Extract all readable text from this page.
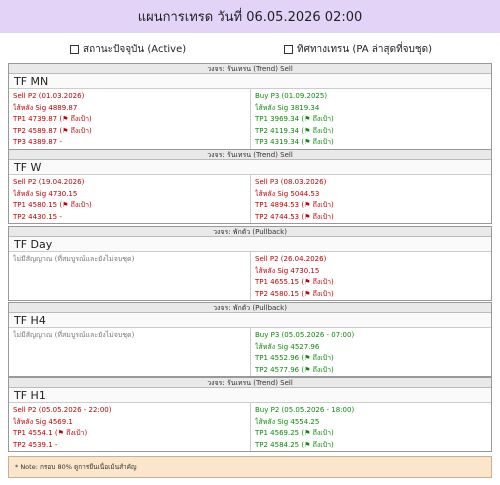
แผนการเทรด วันที่ 06.05.2026 02:00
สถานะปัจจุบัน (Active)	ทิศทางเทรน (PA ล่าสุดที่จบชุด)
วงจร: รันเทรน (Trend) Sell
TF MN
Sell P2 (01.03.2026)
ไส้หลัง Sig 4889.87
TP1 4739.87 (⚑ ถึงเป้า)
TP2 4589.87 (⚑ ถึงเป้า)
TP3 4389.87 -
Buy P3 (01.09.2025)
ไส้หลัง Sig 3819.34
TP1 3969.34 (⚑ ถึงเป้า)
TP2 4119.34 (⚑ ถึงเป้า)
TP3 4319.34 (⚑ ถึงเป้า)
วงจร: รันเทรน (Trend) Sell
TF W
Sell P2 (19.04.2026)
ไส้หลัง Sig 4730.15
TP1 4580.15 (⚑ ถึงเป้า)
TP2 4430.15 -
Sell P3 (08.03.2026)
ไส้หลัง Sig 5044.53
TP1 4894.53 (⚑ ถึงเป้า)
TP2 4744.53 (⚑ ถึงเป้า)
วงจร: พักตัว (Pullback)
TF Day
ไม่มีสัญญาณ (ที่สมบูรณ์และยังไม่จบชุด)	Sell P2 (26.04.2026)
ไส้หลัง Sig 4730.15
TP1 4655.15 (⚑ ถึงเป้า)
TP2 4580.15 (⚑ ถึงเป้า)
วงจร: พักตัว (Pullback)
TF H4
ไม่มีสัญญาณ (ที่สมบูรณ์และยังไม่จบชุด)	Buy P3 (05.05.2026 - 07:00)
ไส้หลัง Sig 4527.96
TP1 4552.96 (⚑ ถึงเป้า)
TP2 4577.96 (⚑ ถึงเป้า)
วงจร: รันเทรน (Trend) Sell
TF H1
Sell P2 (05.05.2026 - 22:00)
ไส้หลัง Sig 4569.1
TP1 4554.1 (⚑ ถึงเป้า)
TP2 4539.1 -
Buy P2 (05.05.2026 - 18:00)
ไส้หลัง Sig 4554.25
TP1 4569.25 (⚑ ถึงเป้า)
TP2 4584.25 (⚑ ถึงเป้า)
* Note: กรอบ 80% ดูการยืนเนื่อเม้นสำคัญ
